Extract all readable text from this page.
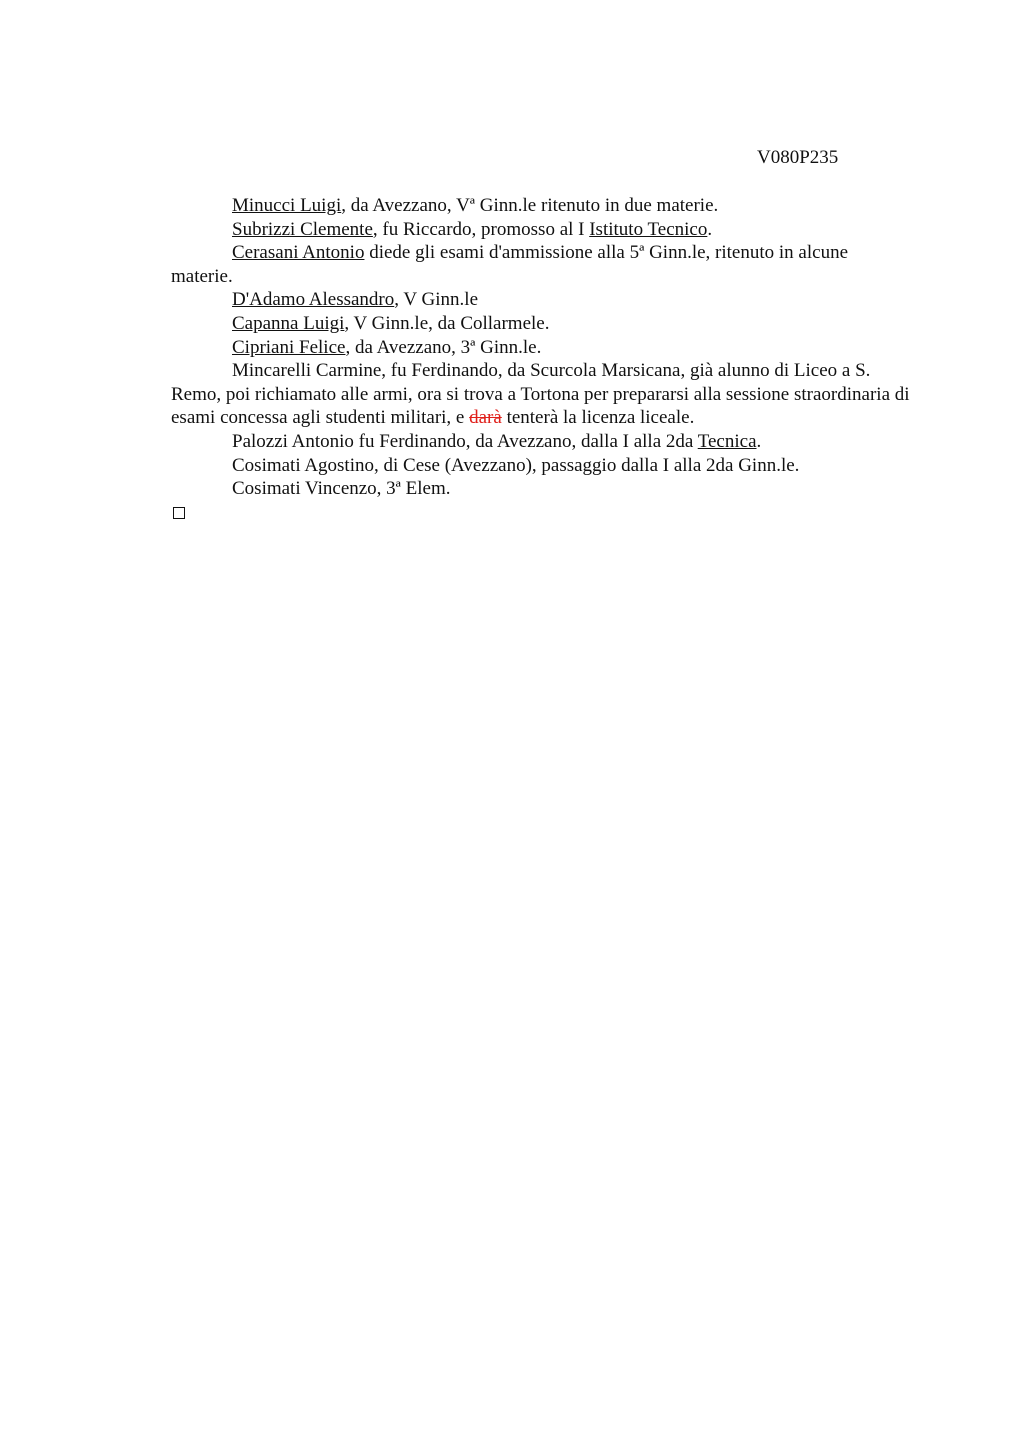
V080P235

Minucci Luigi, da Avezzano, Vª Ginn.le ritenuto in due materie.

Subrizzi Clemente, fu Riccardo, promosso al I Istituto Tecnico.

Cerasani Antonio diede gli esami d'ammissione alla 5ª Ginn.le, ritenuto in alcune materie.

D'Adamo Alessandro, V Ginn.le

Capanna Luigi, V Ginn.le, da Collarmele.

Cipriani Felice, da Avezzano, 3ª Ginn.le.

Mincarelli Carmine, fu Ferdinando, da Scurcola Marsicana, già alunno di Liceo a S. Remo, poi richiamato alle armi, ora si trova a Tortona per prepararsi alla sessione straordinaria di esami concessa agli studenti militari, e darà tenterà la licenza liceale.

Palozzi Antonio fu Ferdinando, da Avezzano, dalla I alla 2da Tecnica.

Cosimati Agostino, di Cese (Avezzano), passaggio dalla I alla 2da Ginn.le.

Cosimati Vincenzo, 3ª Elem.
